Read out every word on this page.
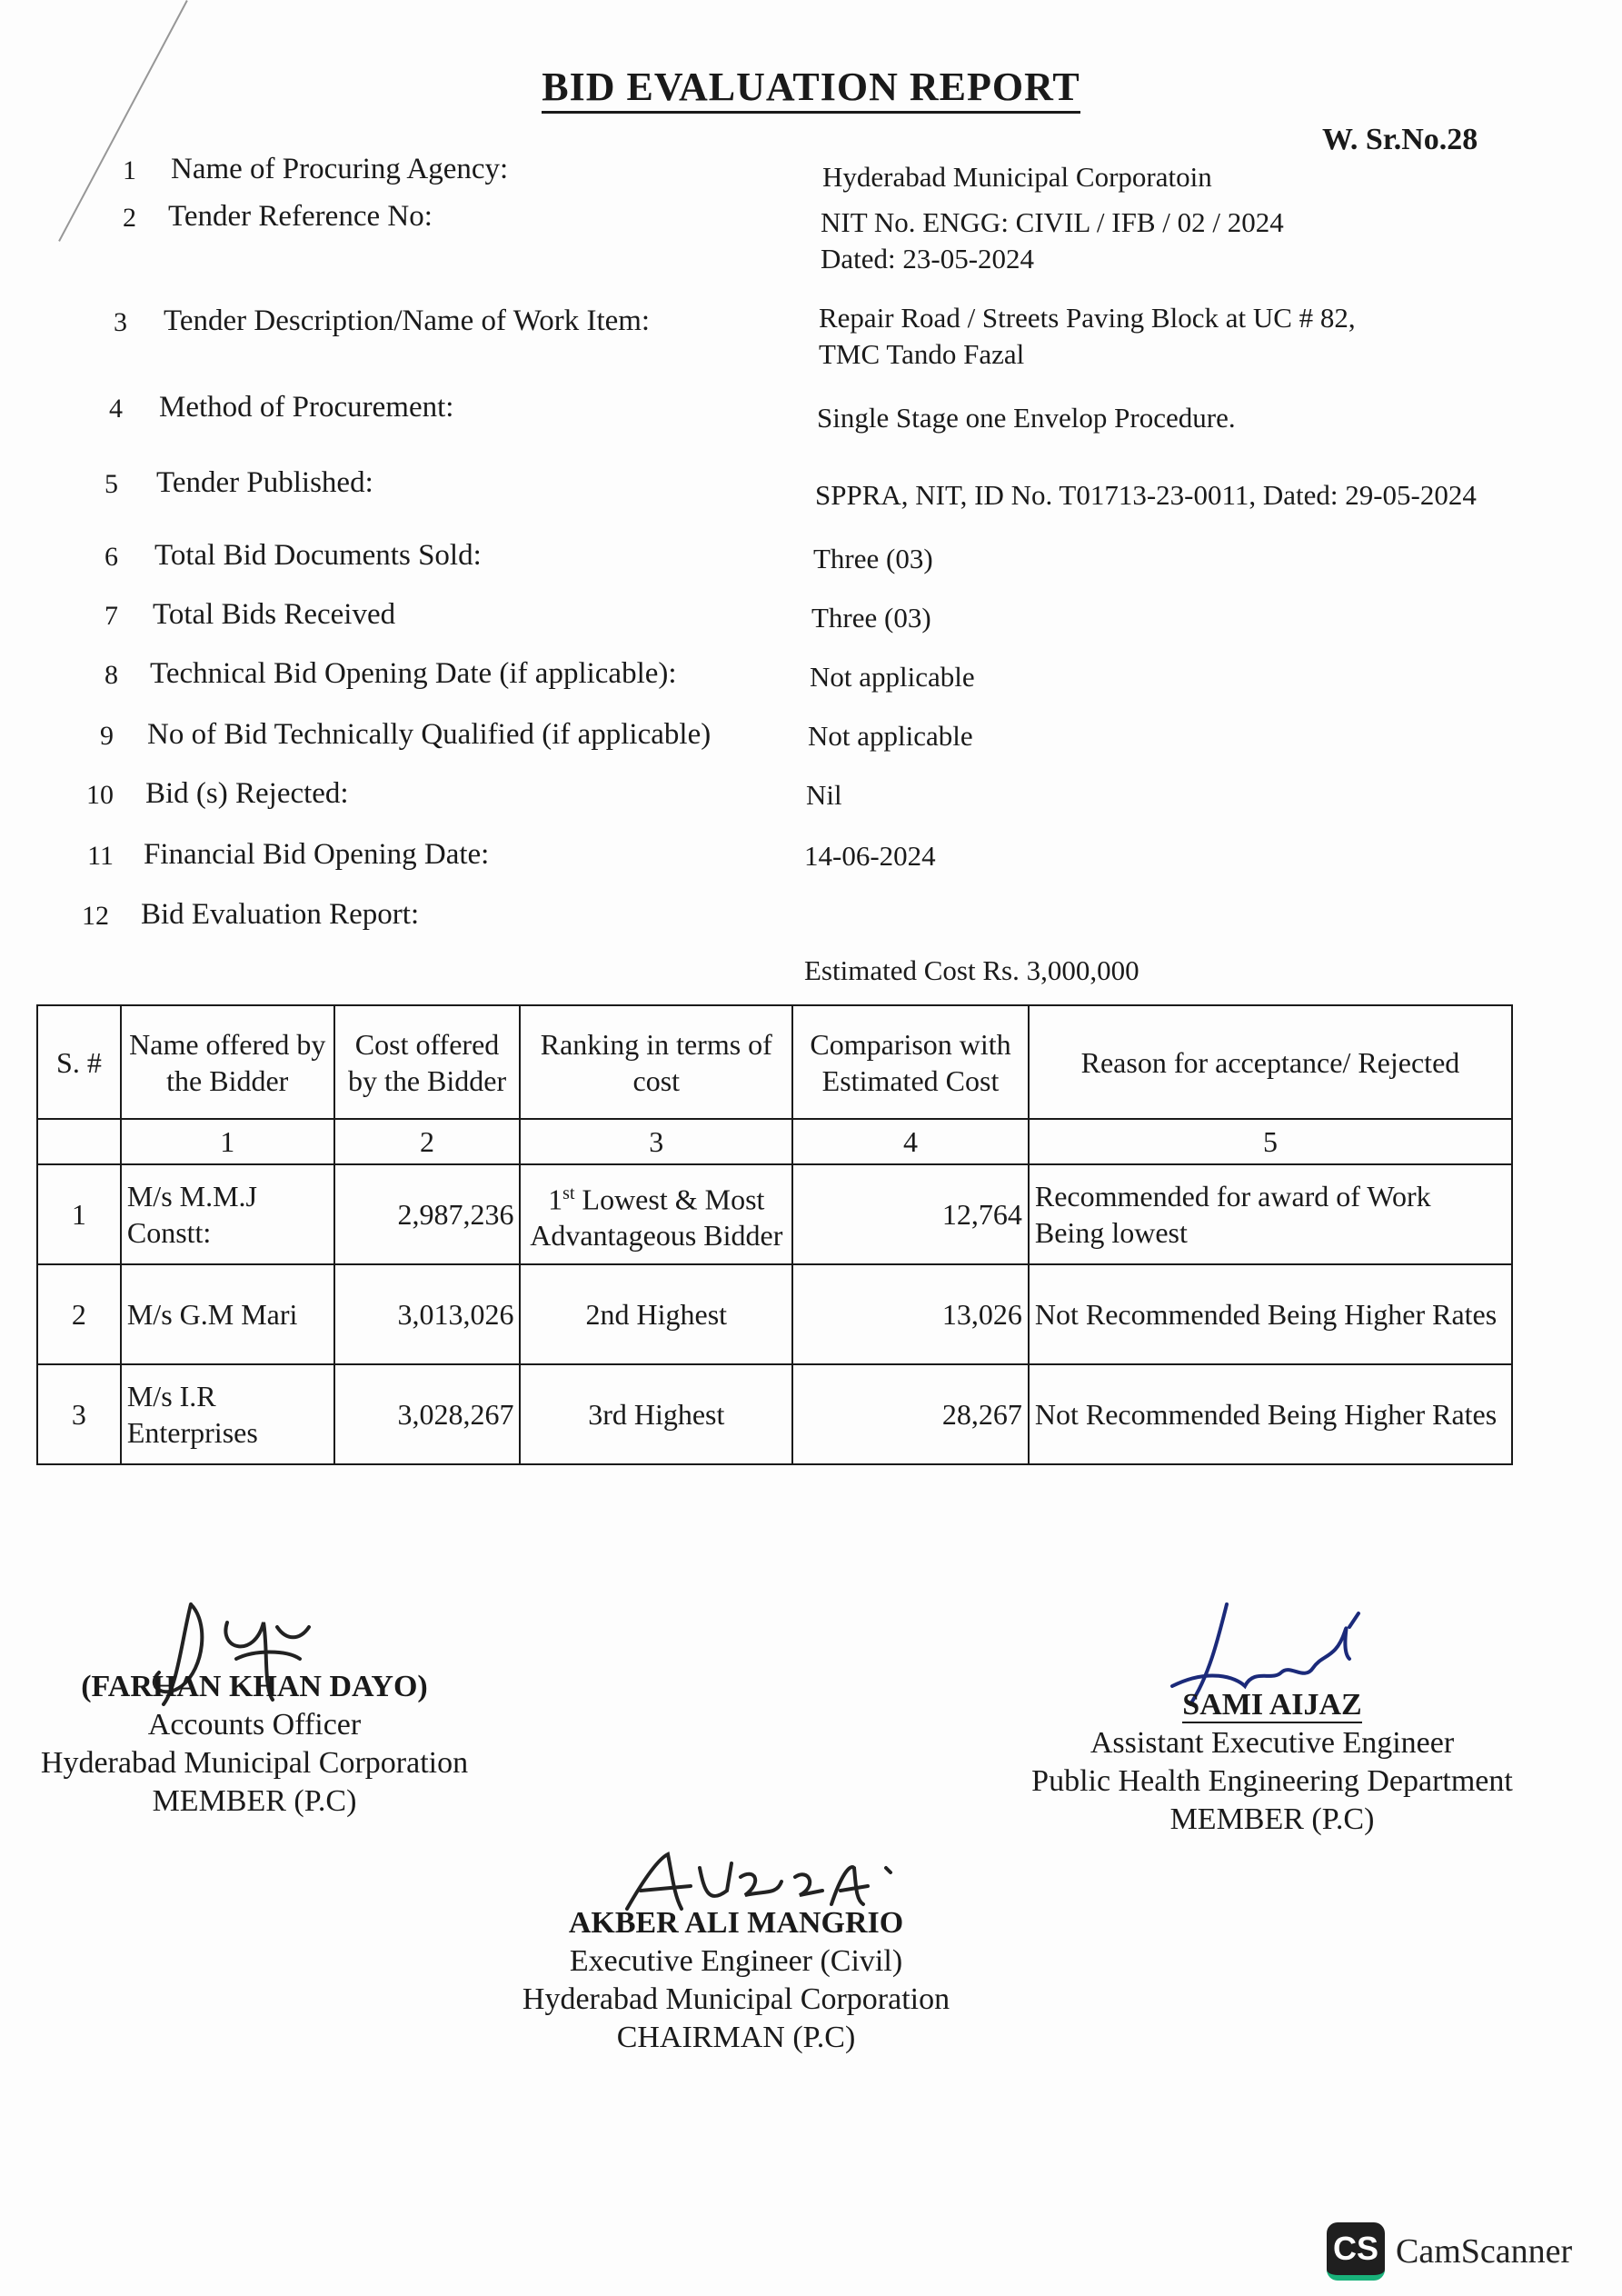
BID EVALUATION REPORT
W. Sr.No.28
1 Name of Procuring Agency:	Hyderabad Municipal Corporatoin
2 Tender Reference No:	NIT No. ENGG: CIVIL / IFB / 02 / 2024
Dated: 23-05-2024
3 Tender Description/Name of Work Item:	Repair Road / Streets Paving Block at UC # 82,
TMC Tando Fazal
4 Method of Procurement:	Single Stage one Envelop Procedure.
5 Tender Published:	SPPRA, NIT, ID No. T01713-23-0011, Dated: 29-05-2024
6 Total Bid Documents Sold:	Three (03)
7 Total Bids Received	Three (03)
8 Technical Bid Opening Date (if applicable):	Not applicable
9 No of Bid Technically Qualified (if applicable)	Not applicable
10 Bid (s) Rejected:	Nil
11 Financial Bid Opening Date:	14-06-2024
12 Bid Evaluation Report:
Estimated Cost Rs. 3,000,000
S. #	Name offered by the Bidder	Cost offered by the Bidder	Ranking in terms of cost	Comparison with Estimated Cost	Reason for acceptance/ Rejected
	1	2	3	4	5
1	M/s M.M.J Constt:	2,987,236	1st Lowest & Most Advantageous Bidder	12,764	Recommended for award of Work Being lowest
2	M/s G.M Mari	3,013,026	2nd Highest	13,026	Not Recommended Being Higher Rates
3	M/s I.R Enterprises	3,028,267	3rd Highest	28,267	Not Recommended Being Higher Rates
(FARHAN KHAN DAYO)
Accounts Officer
Hyderabad Municipal Corporation
MEMBER (P.C)
SAMI AIJAZ
Assistant Executive Engineer
Public Health Engineering Department
MEMBER (P.C)
AKBER ALI MANGRIO
Executive Engineer (Civil)
Hyderabad Municipal Corporation
CHAIRMAN (P.C)
CS CamScanner
